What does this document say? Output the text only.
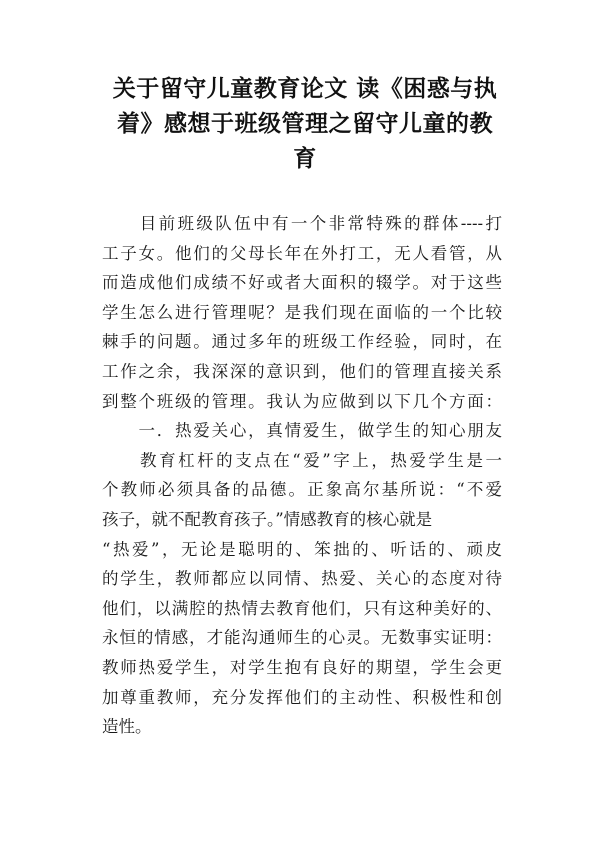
关于留守儿童教育论文 读《困惑与执
着》感想于班级管理之留守儿童的教
育
　　目前班级队伍中有一个非常特殊的群体----打
工子女。他们的父母长年在外打工，无人看管，从
而造成他们成绩不好或者大面积的辍学。对于这些
学生怎么进行管理呢？是我们现在面临的一个比较
棘手的问题。通过多年的班级工作经验，同时，在
工作之余，我深深的意识到，他们的管理直接关系
到整个班级的管理。我认为应做到以下几个方面：
　　一．热爱关心，真情爱生，做学生的知心朋友
　　教育杠杆的支点在“爱”字上，热爱学生是一
个教师必须具备的品德。正象高尔基所说：“不爱
孩子，就不配教育孩子。”情感教育的核心就是
“热爱”，无论是聪明的、笨拙的、听话的、顽皮
的学生，教师都应以同情、热爱、关心的态度对待
他们，以满腔的热情去教育他们，只有这种美好的、
永恒的情感，才能沟通师生的心灵。无数事实证明：
教师热爱学生，对学生抱有良好的期望，学生会更
加尊重教师，充分发挥他们的主动性、积极性和创
造性。
